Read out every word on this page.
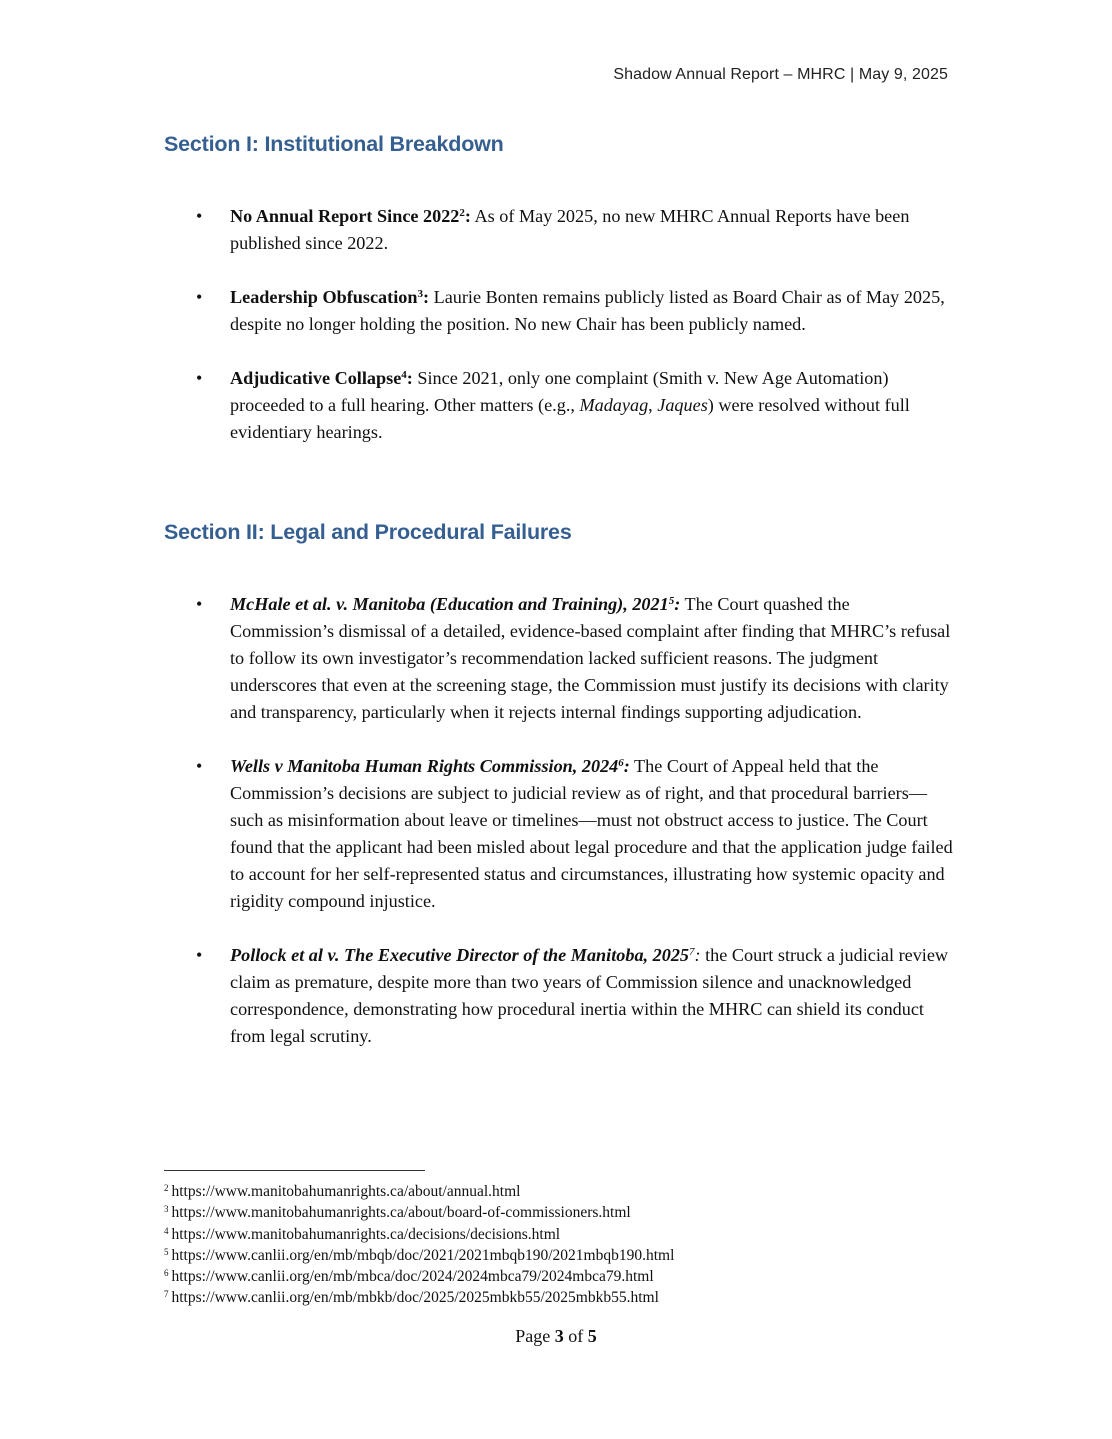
Shadow Annual Report – MHRC | May 9, 2025
Section I: Institutional Breakdown
• No Annual Report Since 2022$^2$: As of May 2025, no new MHRC Annual Reports have been published since 2022.
• Leadership Obfuscation$^3$: Laurie Bonten remains publicly listed as Board Chair as of May 2025, despite no longer holding the position. No new Chair has been publicly named.
• Adjudicative Collapse$^4$: Since 2021, only one complaint (Smith v. New Age Automation) proceeded to a full hearing. Other matters (e.g., Madayag, Jaques) were resolved without full evidentiary hearings.
Section II: Legal and Procedural Failures
• McHale et al. v. Manitoba (Education and Training), 2021$^5$: The Court quashed the Commission’s dismissal of a detailed, evidence-based complaint after finding that MHRC’s refusal to follow its own investigator’s recommendation lacked sufficient reasons. The judgment underscores that even at the screening stage, the Commission must justify its decisions with clarity and transparency, particularly when it rejects internal findings supporting adjudication.
• Wells v Manitoba Human Rights Commission, 2024$^6$: The Court of Appeal held that the Commission’s decisions are subject to judicial review as of right, and that procedural barriers—such as misinformation about leave or timelines—must not obstruct access to justice. The Court found that the applicant had been misled about legal procedure and that the application judge failed to account for her self-represented status and circumstances, illustrating how systemic opacity and rigidity compound injustice.
• Pollock et al v. The Executive Director of the Manitoba, 2025$^7$: the Court struck a judicial review claim as premature, despite more than two years of Commission silence and unacknowledged correspondence, demonstrating how procedural inertia within the MHRC can shield its conduct from legal scrutiny.
$^2$ https://www.manitobahumanrights.ca/about/annual.html
$^3$ https://www.manitobahumanrights.ca/about/board-of-commissioners.html
$^4$ https://www.manitobahumanrights.ca/decisions/decisions.html
$^5$ https://www.canlii.org/en/mb/mbqb/doc/2021/2021mbqb190/2021mbqb190.html
$^6$ https://www.canlii.org/en/mb/mbca/doc/2024/2024mbca79/2024mbca79.html
$^7$ https://www.canlii.org/en/mb/mbkb/doc/2025/2025mbkb55/2025mbkb55.html
Page 3 of 5
